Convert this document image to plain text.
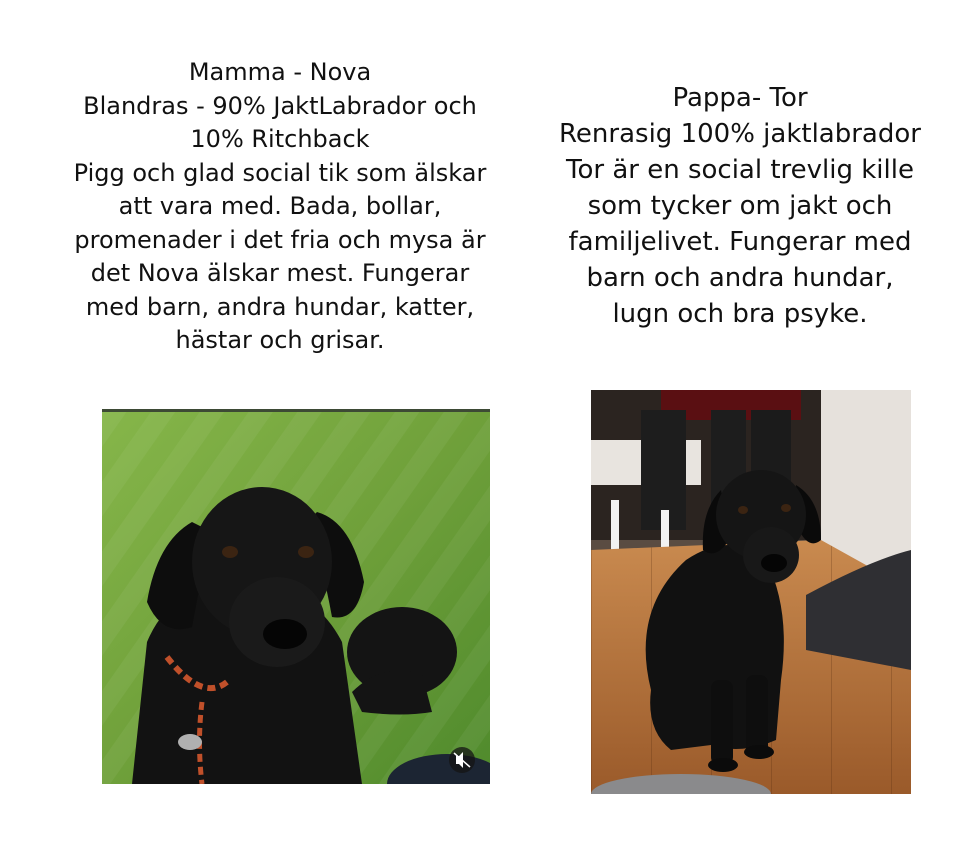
Mamma - Nova
Blandras - 90% JaktLabrador och
10% Ritchback
Pigg och glad social tik som älskar
att vara med. Bada, bollar,
promenader i det fria och mysa är
det Nova älskar mest. Fungerar
med barn, andra hundar, katter,
hästar och grisar.
Pappa- Tor
Renrasig 100% jaktlabrador
Tor är en social trevlig kille
som tycker om jakt och
familjelivet. Fungerar med
barn och andra hundar,
lugn och bra psyke.
